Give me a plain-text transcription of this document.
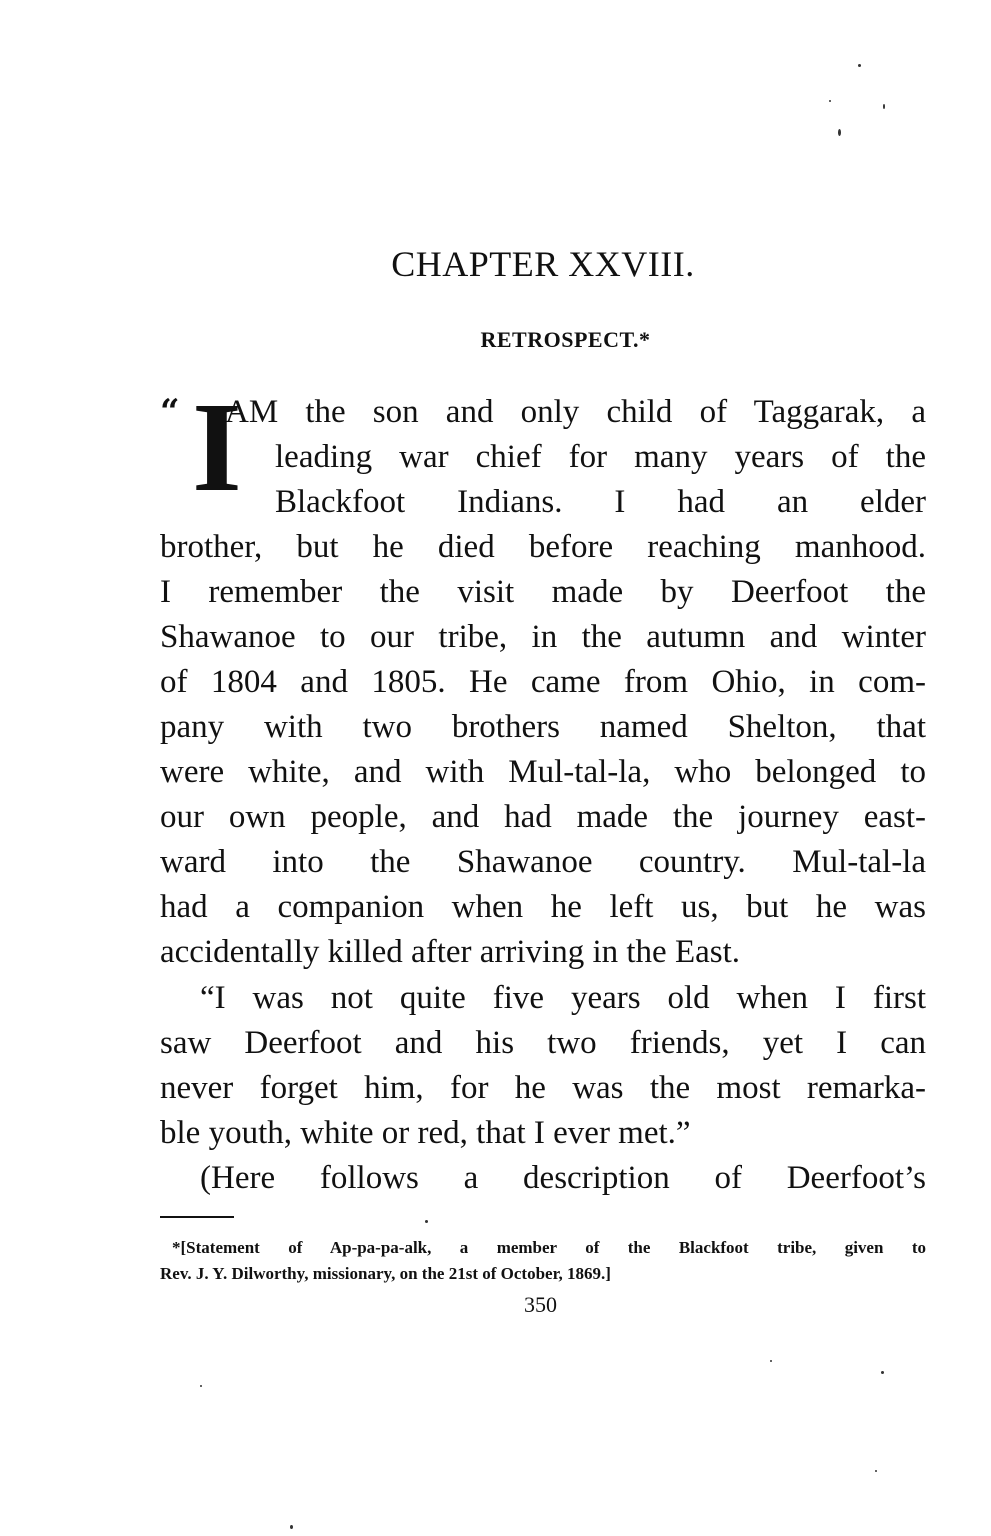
CHAPTER XXVIII.
RETROSPECT.*
“ I
AM the son and only child of Taggarak, a
leading war chief for many years of the
Blackfoot Indians. I had an elder
brother, but he died before reaching manhood.
I remember the visit made by Deerfoot the
Shawanoe to our tribe, in the autumn and winter
of 1804 and 1805. He came from Ohio, in com-
pany with two brothers named Shelton, that
were white, and with Mul-tal-la, who belonged to
our own people, and had made the journey east-
ward into the Shawanoe country. Mul-tal-la
had a companion when he left us, but he was
accidentally killed after arriving in the East.
“I was not quite five years old when I first
saw Deerfoot and his two friends, yet I can
never forget him, for he was the most remarka-
ble youth, white or red, that I ever met.”
(Here follows a description of Deerfoot’s
*[Statement of Ap-pa-pa-alk, a member of the Blackfoot tribe, given to
Rev. J. Y. Dilworthy, missionary, on the 21st of October, 1869.]
350
